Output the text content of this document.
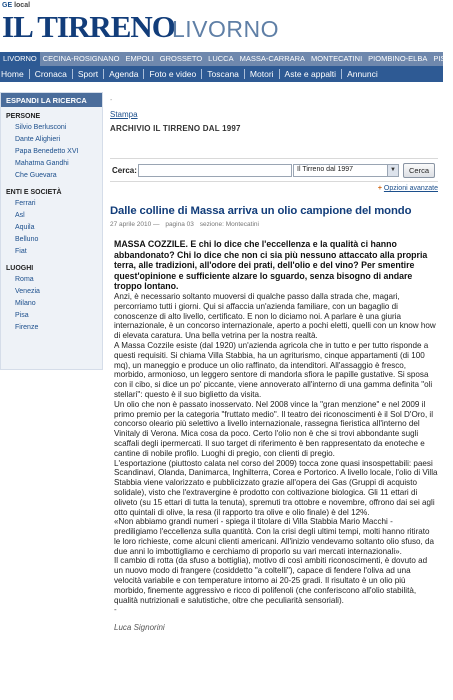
GE local
IL TIRRENO
LIVORNO
LIVORNO CECINA-ROSIGNANO EMPOLI GROSSETO LUCCA MASSA-CARRARA MONTECATINI PIOMBINO-ELBA PISA
Home	Cronaca	Sport	Agenda	Foto e video	Toscana	Motori	Aste e appalti	Annunci
ESPANDI LA RICERCA
PERSONE
Silvio Berlusconi
Dante Alighieri
Papa Benedetto XVI
Mahatma Gandhi
Che Guevara
ENTI E SOCIETÀ
Ferrari
Asl
Aquila
Belluno
Fiat
LUOGHI
Roma
Venezia
Milano
Pisa
Firenze
-
Stampa
ARCHIVIO IL TIRRENO DAL 1997
Cerca:	Il Tirreno dal 1997	▼	Cerca
+ Opzioni avanzate
Dalle colline di Massa arriva un olio campione del mondo
27 aprile 2010 — pagina 03 sezione: Montecatini
MASSA COZZILE. E chi lo dice che l'eccellenza e la qualità ci hanno abbandonato? Chi lo dice che non ci sia più nessuno attaccato alla propria terra, alle tradizioni, all'odore dei prati, dell'olio e del vino? Per smentire quest'opinione e sufficiente alzare lo sguardo, senza bisogno di andare troppo lontano.
Anzi, è necessario soltanto muoversi di qualche passo dalla strada che, magari, percorriamo tutti i giorni. Qui si affaccia un'azienda familiare, con un bagaglio di conoscenze di alto livello, certificato. E non lo diciamo noi. A parlare è una giuria internazionale, è un concorso internazionale, aperto a pochi eletti, quelli con un know how di elevata caratura. Una bella vetrina per la nostra realtà.
A Massa Cozzile esiste (dal 1920) un'azienda agricola che in tutto e per tutto risponde a questi requisiti. Si chiama Villa Stabbia, ha un agriturismo, cinque appartamenti (di 100 mq), un maneggio e produce un olio raffinato, da intenditori. All'assaggio è fresco, morbido, armonioso, un leggero sentore di mandorla sfiora le papille gustative. Si sposa con il cibo, si dice un po' piccante, viene annoverato all'interno di una gamma definita "oli stellari": questo è il suo biglietto da visita.
Un olio che non è passato inosservato. Nel 2008 vince la "gran menzione" e nel 2009 il primo premio per la categoria "fruttato medio". Il teatro dei riconoscimenti è il Sol D'Oro, il concorso oleario più selettivo a livello internazionale, rassegna fieristica all'interno del Vinitaly di Verona. Mica cosa da poco. Certo l'olio non è che si trovi abbondante sugli scaffali degli ipermercati. Il suo target di riferimento è ben rappresentato da enoteche e cantine di nobile profilo. Luoghi di pregio, con clienti di pregio.
L'esportazione (piuttosto calata nel corso del 2009) tocca zone quasi insospettabili: paesi Scandinavi, Olanda, Danimarca, Inghilterra, Corea e Portorico. A livello locale, l'olio di Villa Stabbia viene valorizzato e pubblicizzato grazie all'opera dei Gas (Gruppi di acquisto solidale), visto che l'extravergine è prodotto con coltivazione biologica. Gli 11 ettari di oliveto (su 15 ettari di tutta la tenuta), spremuti tra ottobre e novembre, offrono dai sei agli otto quintali di olive, la resa (il rapporto tra olive e olio finale) è del 12%.
«Non abbiamo grandi numeri - spiega il titolare di Villa Stabbia Mario Macchi - prediligiamo l'eccellenza sulla quantità. Con la crisi degli ultimi tempi, molti hanno ritirato le loro richieste, come alcuni clienti americani. All'inizio vendevamo soltanto olio sfuso, da due anni lo imbottigliamo e cerchiamo di proporlo su vari mercati internazionali».
Il cambio di rotta (da sfuso a bottiglia), motivo di così ambiti riconoscimenti, è dovuto ad un nuovo modo di frangere (cosiddetto "a coltelli"), capace di fendere l'oliva ad una velocità variabile e con temperature intorno ai 20-25 gradi. Il risultato è un olio più morbido, finemente aggressivo e ricco di polifenoli (che conferiscono all'olio stabilità, qualità nutrizionali e salutistiche, oltre che peculiarità sensoriali).
-
Luca Signorini
